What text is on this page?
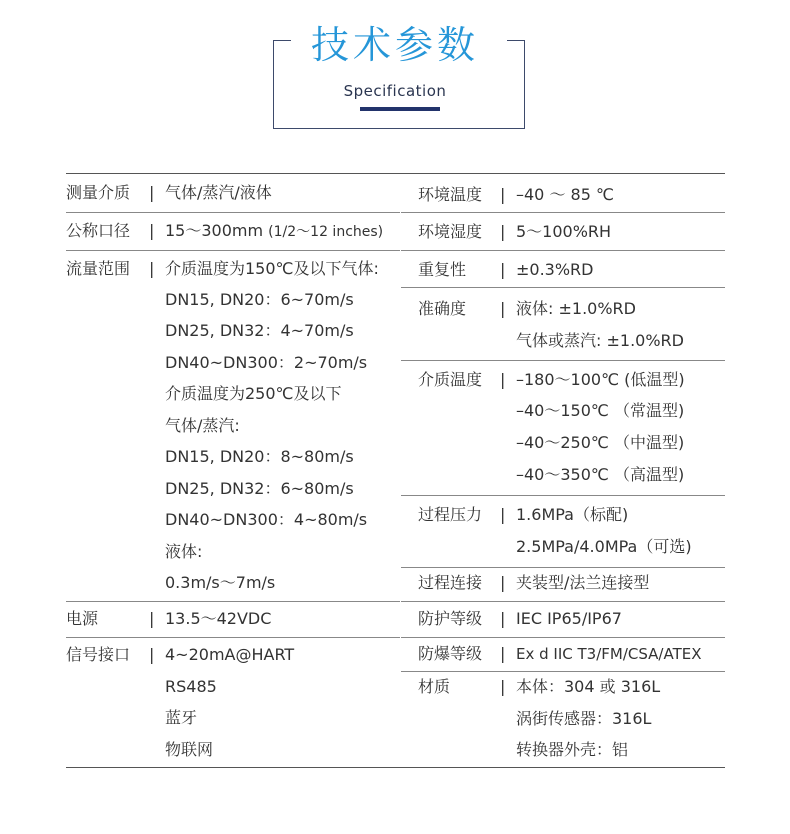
技术参数
Specification
测量介质 | 气体/蒸汽/液体
公称口径 | 15～300mm (1/2～12 inches)
流量范围 | 介质温度为150℃及以下气体:
DN15, DN20：6~70m/s
DN25, DN32：4~70m/s
DN40~DN300：2~70m/s
介质温度为250℃及以下
气体/蒸汽:
DN15, DN20：8~80m/s
DN25, DN32：6~80m/s
DN40~DN300：4~80m/s
液体:
0.3m/s～7m/s
电源	| 13.5～42VDC
信号接口 | 4~20mA@HART
RS485
蓝牙
物联网
环境温度 | –40 ～ 85 ℃
环境湿度 | 5～100%RH
重复性 | ±0.3%RD
准确度 | 液体: ±1.0%RD
气体或蒸汽: ±1.0%RD
介质温度 | –180～100℃ (低温型)
–40～150℃ （常温型)
–40～250℃ （中温型)
–40～350℃ （高温型)
过程压力 | 1.6MPa（标配)
2.5MPa/4.0MPa（可选)
过程连接 | 夹装型/法兰连接型
防护等级 | IEC IP65/IP67
防爆等级 | Ex d IIC T3/FM/CSA/ATEX
材质	| 本体：304 或 316L
涡街传感器：316L
转换器外壳：铝
